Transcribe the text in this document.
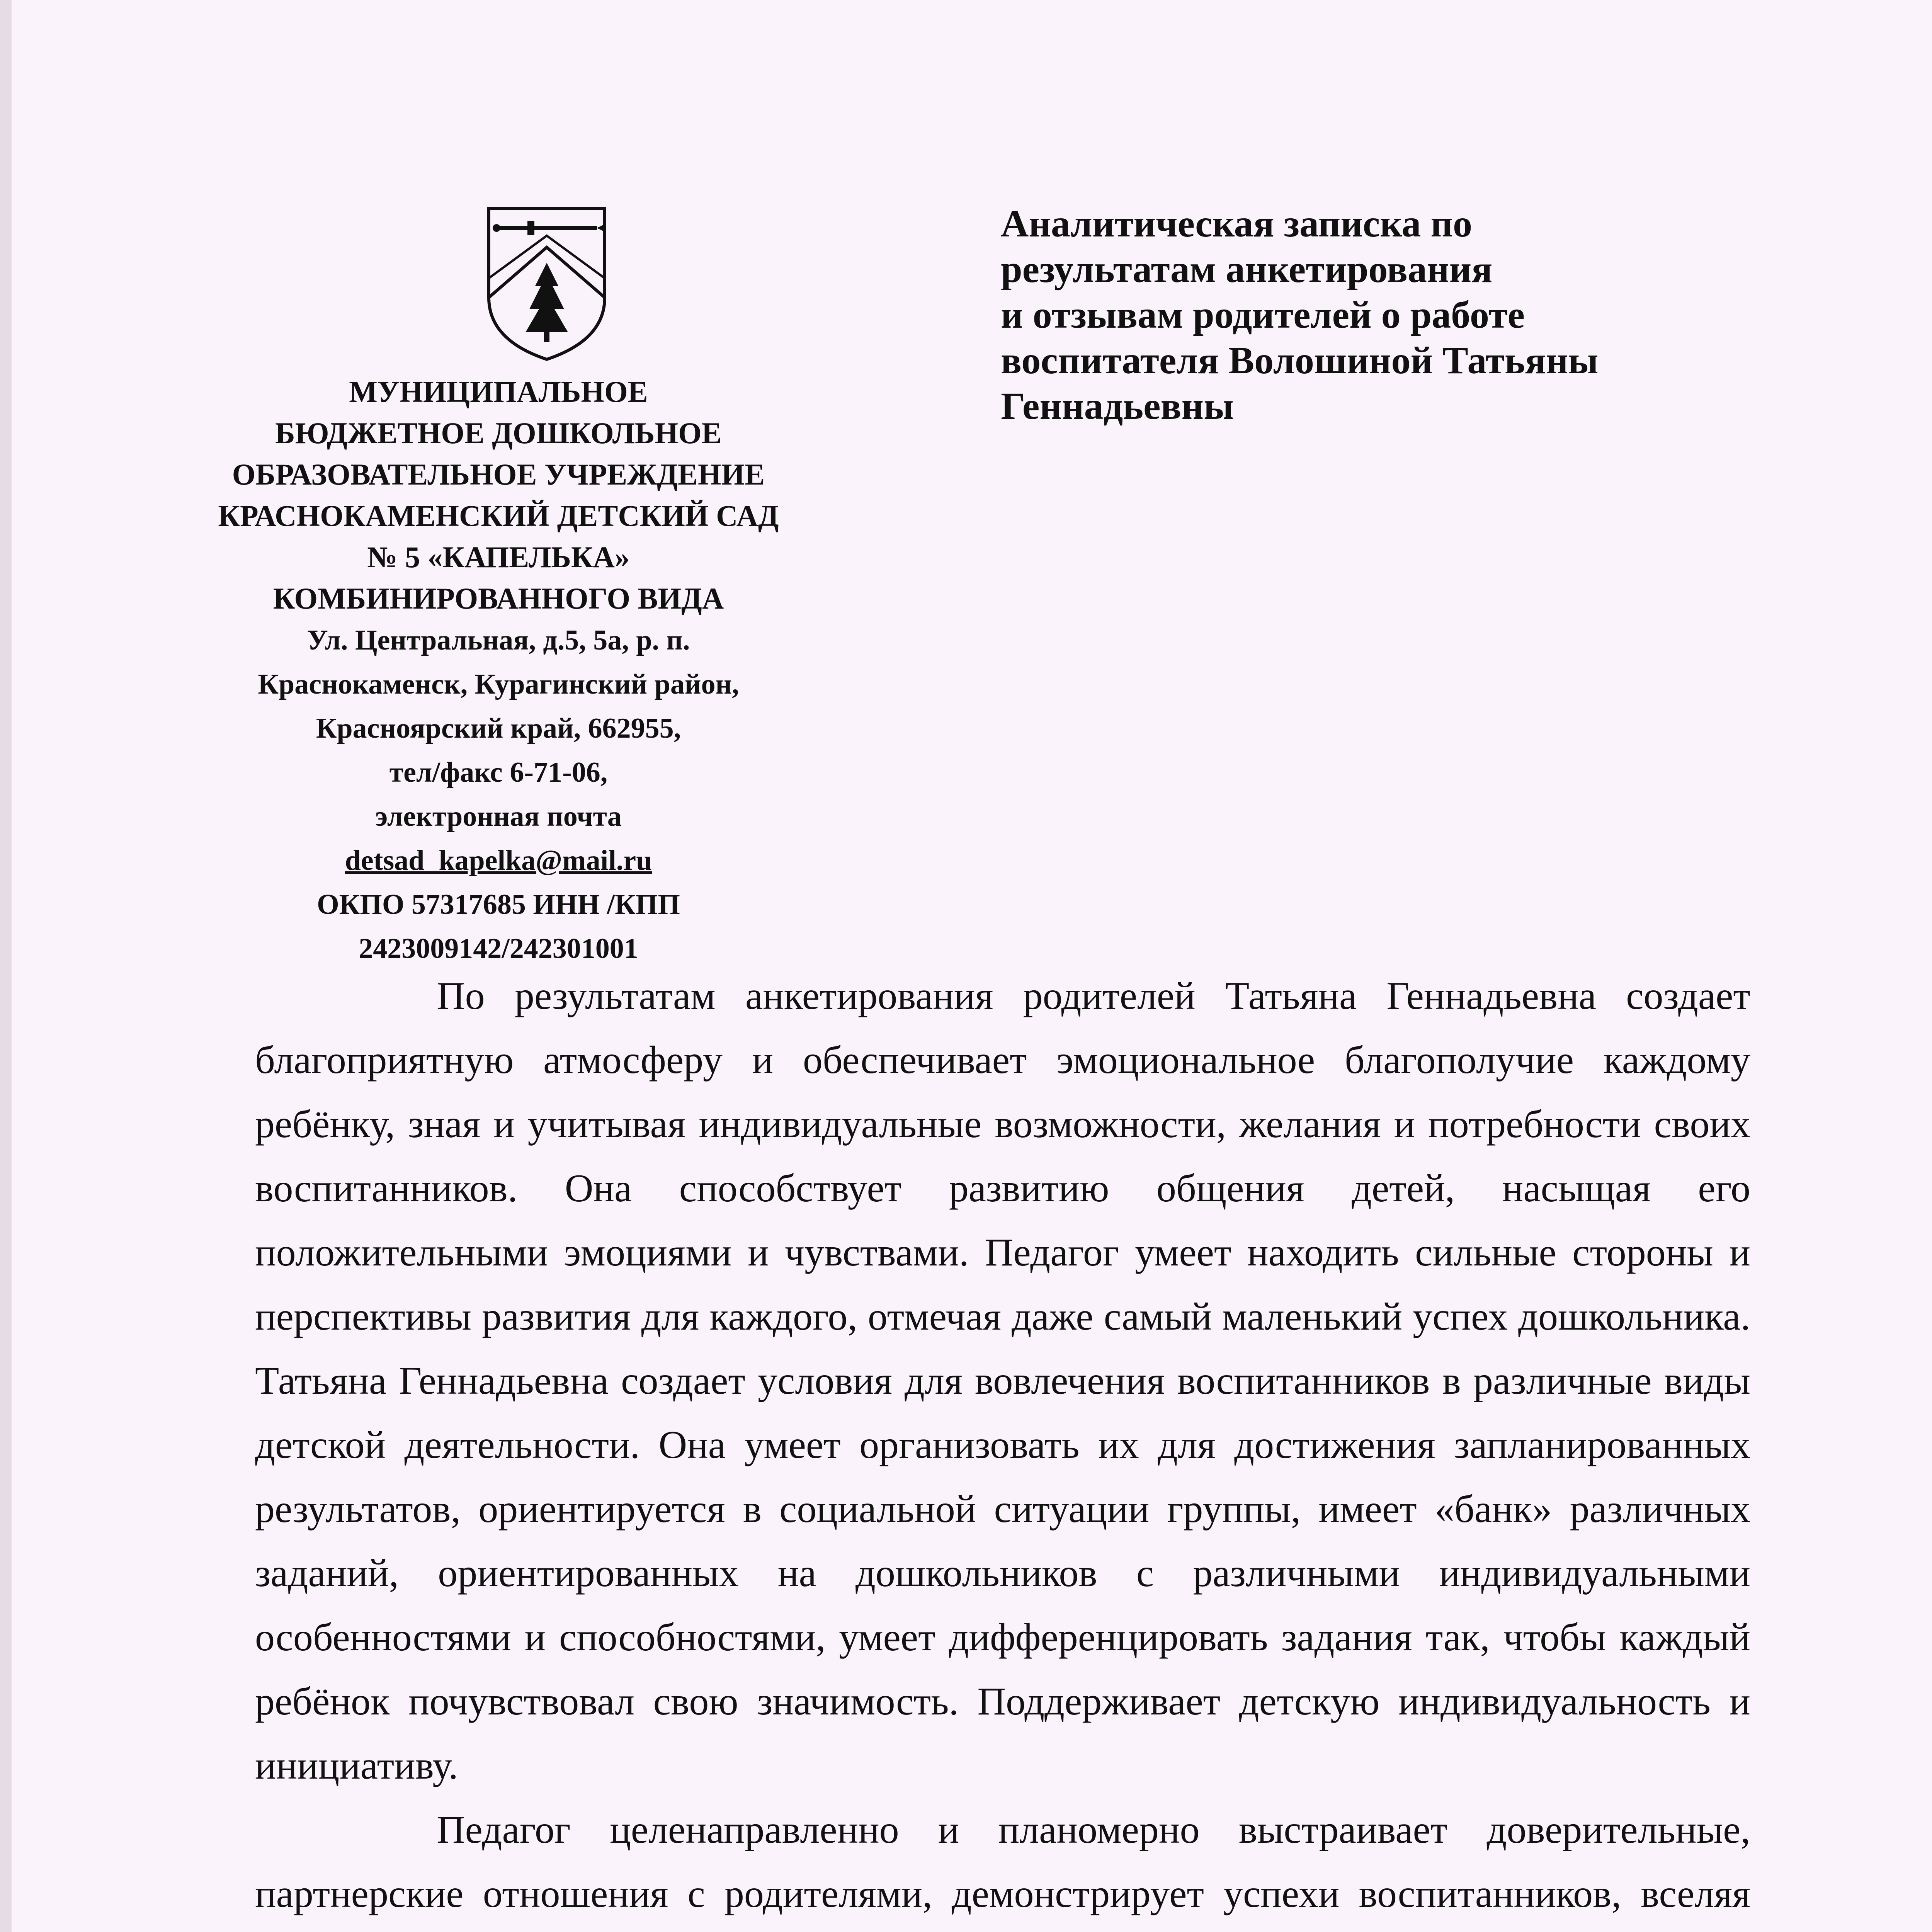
МУНИЦИПАЛЬНОЕ
БЮДЖЕТНОЕ ДОШКОЛЬНОЕ
ОБРАЗОВАТЕЛЬНОЕ УЧРЕЖДЕНИЕ
КРАСНОКАМЕНСКИЙ ДЕТСКИЙ САД
№ 5 «КАПЕЛЬКА»
КОМБИНИРОВАННОГО ВИДА
Ул. Центральная, д.5, 5а, р. п.
Краснокаменск, Курагинский район,
Красноярский край, 662955,
тел/факс 6-71-06,
электронная почта
detsad_kapelka@mail.ru
ОКПО 57317685 ИНН /КПП
2423009142/242301001
Аналитическая записка по
результатам анкетирования
и отзывам родителей о работе
воспитателя Волошиной Татьяны
Геннадьевны

По результатам анкетирования родителей Татьяна Геннадьевна создает благоприятную атмосферу и обеспечивает эмоциональное благополучие каждому ребёнку, зная и учитывая индивидуальные возможности, желания и потребности своих воспитанников. Она способствует развитию общения детей, насыщая его положительными эмоциями и чувствами. Педагог умеет находить сильные стороны и перспективы развития для каждого, отмечая даже самый маленький успех дошкольника. Татьяна Геннадьевна создает условия для вовлечения воспитанников в различные виды детской деятельности. Она умеет организовать их для достижения запланированных результатов, ориентируется в социальной ситуации группы, имеет «банк» различных заданий, ориентированных на дошкольников с различными индивидуальными особенностями и способностями, умеет дифференцировать задания так, чтобы каждый ребёнок почувствовал свою значимость. Поддерживает детскую индивидуальность и инициативу.

Педагог целенаправленно и планомерно выстраивает доверительные, партнерские отношения с родителями, демонстрирует успехи воспитанников, вселяя
